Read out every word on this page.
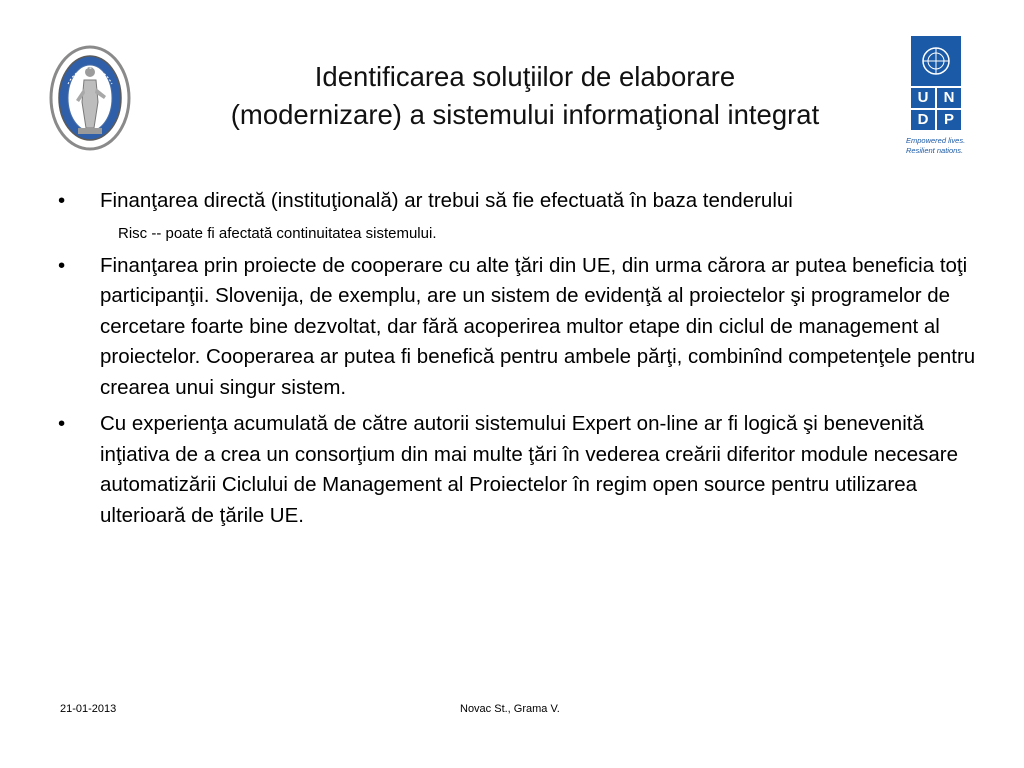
Identificarea soluţiilor de elaborare
(modernizare) a sistemului informaţional integrat
U	N
D	P
Empowered lives.
Resilient nations.
• Finanţarea directă (instituţională) ar trebui să fie efectuată în baza tenderului
Risc -- poate fi afectată continuitatea sistemului.
• Finanţarea prin proiecte de cooperare cu alte ţări din UE, din urma cărora ar putea beneficia toţi participanţii. Slovenija, de exemplu, are un sistem de evidenţă al proiectelor şi programelor de cercetare foarte bine dezvoltat, dar fără acoperirea multor etape din ciclul de management al proiectelor. Cooperarea ar putea fi benefică pentru ambele părţi, combinînd competenţele pentru crearea unui singur sistem.
• Cu experienţa acumulată de către autorii sistemului Expert on-line ar fi logică şi benevenită inţiativa de a crea un consorţium din mai multe ţări în vederea creării diferitor module necesare automatizării Ciclului de Management al Proiectelor în regim open source pentru utilizarea ulterioară de ţările UE.
21-01-2013	Novac St., Grama V.
